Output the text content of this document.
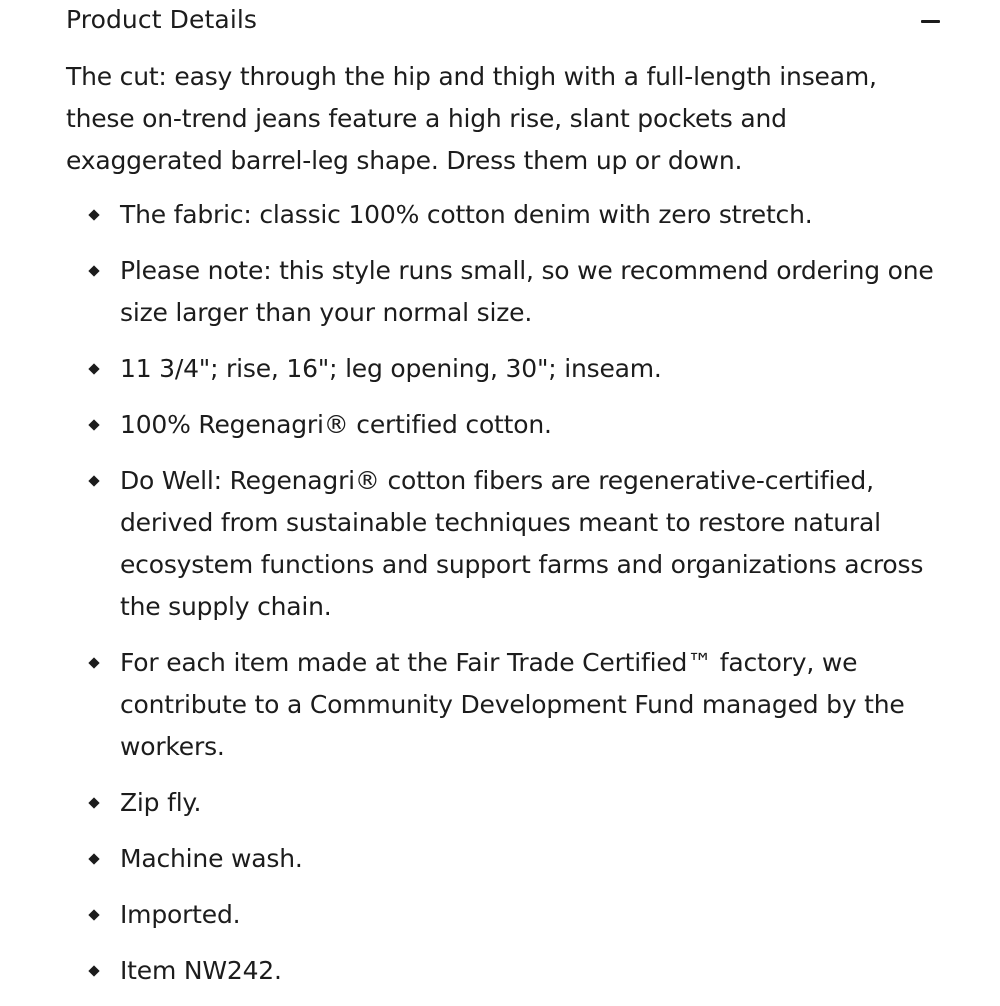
Product Details

The cut: easy through the hip and thigh with a full-length inseam, these on-trend jeans feature a high rise, slant pockets and exaggerated barrel-leg shape. Dress them up or down.

The fabric: classic 100% cotton denim with zero stretch.
Please note: this style runs small, so we recommend ordering one size larger than your normal size.
11 3/4"; rise, 16"; leg opening, 30"; inseam.
100% Regenagri® certified cotton.
Do Well: Regenagri® cotton fibers are regenerative-certified, derived from sustainable techniques meant to restore natural ecosystem functions and support farms and organizations across the supply chain.
For each item made at the Fair Trade Certified™ factory, we contribute to a Community Development Fund managed by the workers.
Zip fly.
Machine wash.
Imported.
Item NW242.
